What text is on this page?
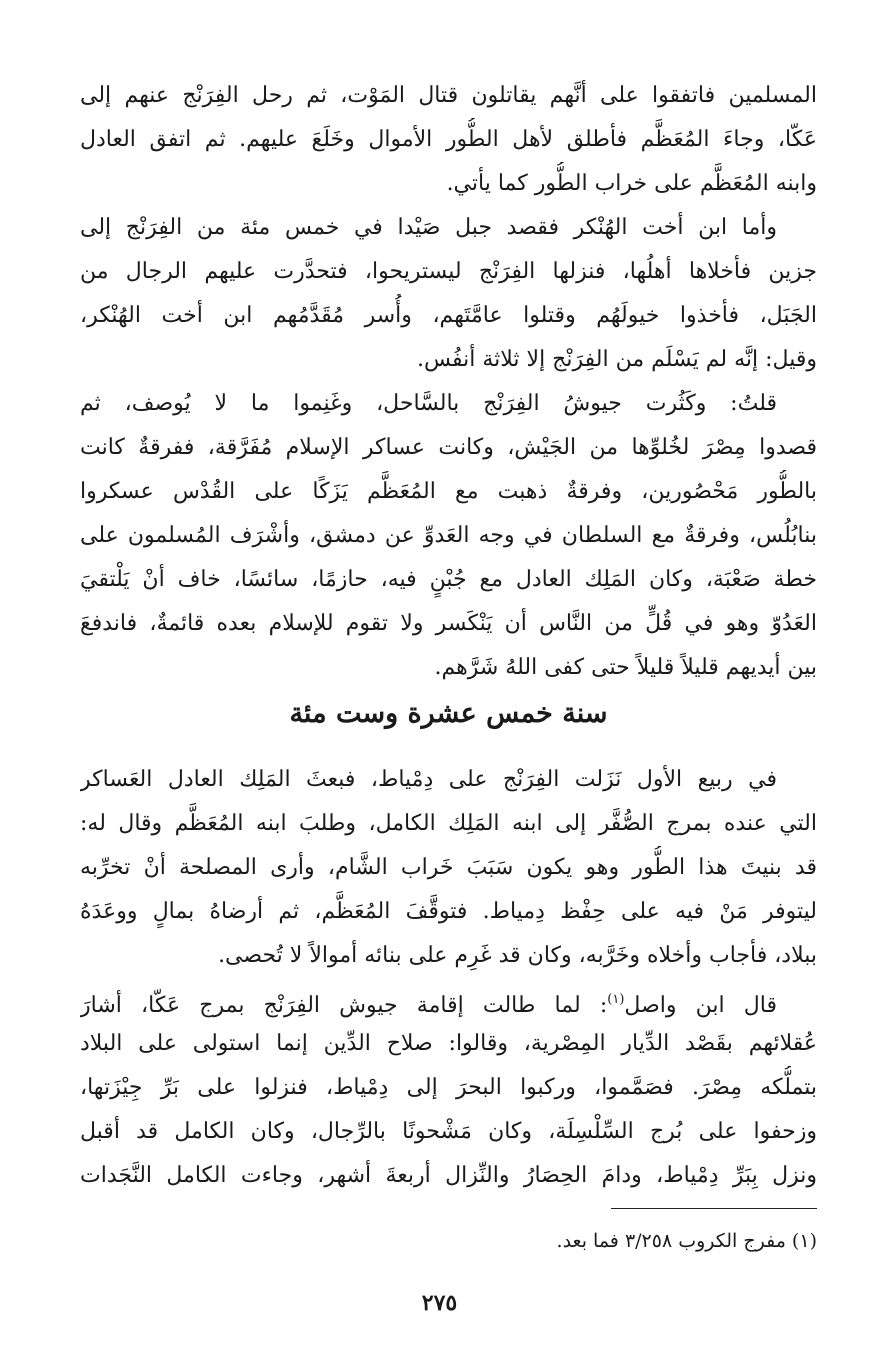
المسلمين فاتفقوا على أنَّهم يقاتلون قتال المَوْت، ثم رحل الفِرَنْج عنهم إلى
عَكّا، وجاءَ المُعَظَّم فأطلق لأهل الطُّور الأموال وخَلَعَ عليهم. ثم اتفق العادل
وابنه المُعَظَّم على خراب الطُّور كما يأتي.
وأما ابن أخت الهُنْكر فقصد جبل صَيْدا في خمس مئة من الفِرَنْج إلى
جزين فأخلاها أهلُها، فنزلها الفِرَنْج ليستريحوا، فتحدَّرت عليهم الرجال من
الجَبَل، فأخذوا خيولَهُم وقتلوا عامَّتَهم، وأُسر مُقَدَّمُهم ابن أخت الهُنْكر،
وقيل: إنَّه لم يَسْلَم من الفِرَنْج إلا ثلاثة أنفُس.
قلتُ: وكَثُرت جيوشُ الفِرَنْج بالسَّاحل، وغَنِموا ما لا يُوصف، ثم
قصدوا مِصْرَ لخُلوِّها من الجَيْش، وكانت عساكر الإسلام مُفَرَّقة، ففرقةٌ كانت
بالطُّور مَحْصُورين، وفرقةٌ ذهبت مع المُعَظَّم يَزَكًا على القُدْس عسكروا
بنابُلُس، وفرقةٌ مع السلطان في وجه العَدوِّ عن دمشق، وأشْرَف المُسلمون على
خطة صَعْبَة، وكان المَلِك العادل مع جُبْنٍ فيه، حازمًا، سائسًا، خاف أنْ يَلْتقيَ
العَدُوّ وهو في قُلٍّ من النَّاس أن يَنْكَسر ولا تقوم للإسلام بعده قائمةٌ، فاندفعَ
بين أيديهم قليلاً قليلاً حتى كفى اللهُ شَرَّهم.
سنة خمس عشرة وست مئة
في ربيع الأول نَزَلت الفِرَنْج على دِمْياط، فبعثَ المَلِك العادل العَساكر
التي عنده بمرج الصُّفَّر إلى ابنه المَلِك الكامل، وطلبَ ابنه المُعَظَّم وقال له:
قد بنيتَ هذا الطُّور وهو يكون سَبَبَ خَراب الشَّام، وأرى المصلحة أنْ تخرِّبه
ليتوفر مَنْ فيه على حِفْظ دِمياط. فتوقَّفَ المُعَظَّم، ثم أرضاهُ بمالٍ ووعَدَهُ
ببلاد، فأجاب وأخلاه وخَرَّبه، وكان قد غَرِم على بنائه أموالاً لا تُحصى.
قال ابن واصل$^{(١)}$: لما طالت إقامة جيوش الفِرَنْج بمرج عَكّا، أشارَ
عُقلائهم بقَصْد الدِّيار المِصْرية، وقالوا: صلاح الدِّين إنما استولى على البلاد
بتملُّكه مِصْرَ. فصَمَّموا، وركبوا البحرَ إلى دِمْياط، فنزلوا على بَرِّ جِيْزَتها،
وزحفوا على بُرج السِّلْسِلَة، وكان مَشْحونًا بالرِّجال، وكان الكامل قد أقبل
ونزل بِبَرِّ دِمْياط، ودامَ الحِصَارُ والنِّزال أربعةَ أشهر، وجاءت الكامل النَّجَدات
(١) مفرج الكروب ٣/٢٥٨ فما بعد.
٢٧٥
